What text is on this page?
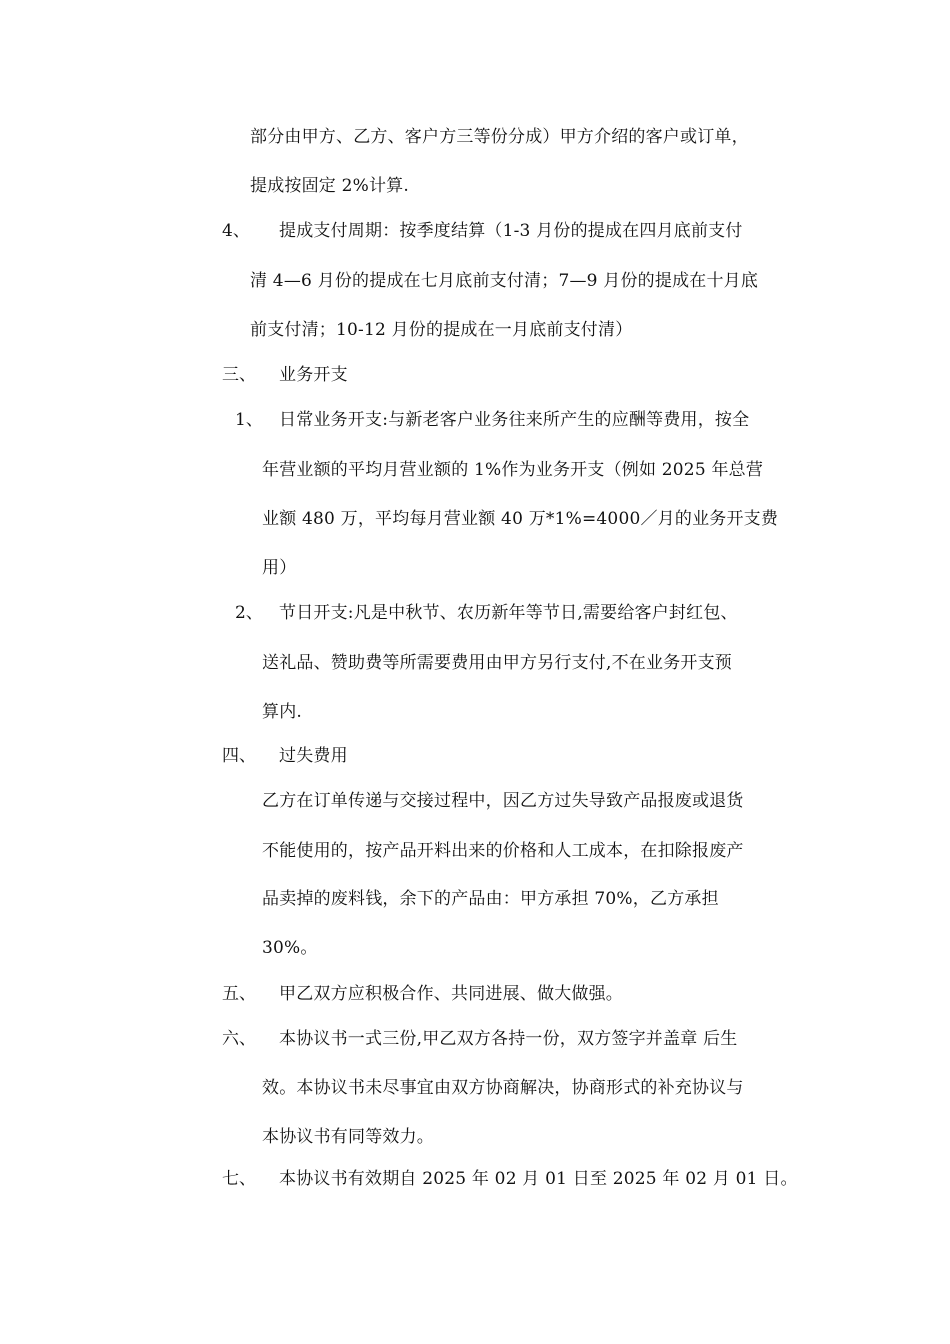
部分由甲方、乙方、客户方三等份分成）甲方介绍的客户或订单，
提成按固定 2%计算.
4、 提成支付周期：按季度结算（1-3 月份的提成在四月底前支付
清 4—6 月份的提成在七月底前支付清；7—9 月份的提成在十月底
前支付清；10-12 月份的提成在一月底前支付清）
三、 业务开支
1、 日常业务开支:与新老客户业务往来所产生的应酬等费用，按全
年营业额的平均月营业额的 1%作为业务开支（例如 2025 年总营
业额 480 万，平均每月营业额 40 万*1%=4000／月的业务开支费
用）
2、 节日开支:凡是中秋节、农历新年等节日,需要给客户封红包、
送礼品、赞助费等所需要费用由甲方另行支付,不在业务开支预
算内.
四、 过失费用
乙方在订单传递与交接过程中，因乙方过失导致产品报废或退货
不能使用的，按产品开料出来的价格和人工成本，在扣除报废产
品卖掉的废料钱，余下的产品由：甲方承担 70%，乙方承担
30%。
五、 甲乙双方应积极合作、共同进展、做大做强。
六、 本协议书一式三份,甲乙双方各持一份，双方签字并盖章 后生
效。本协议书未尽事宜由双方协商解决，协商形式的补充协议与
本协议书有同等效力。
七、 本协议书有效期自 2025 年 02 月 01 日至 2025 年 02 月 01 日。
